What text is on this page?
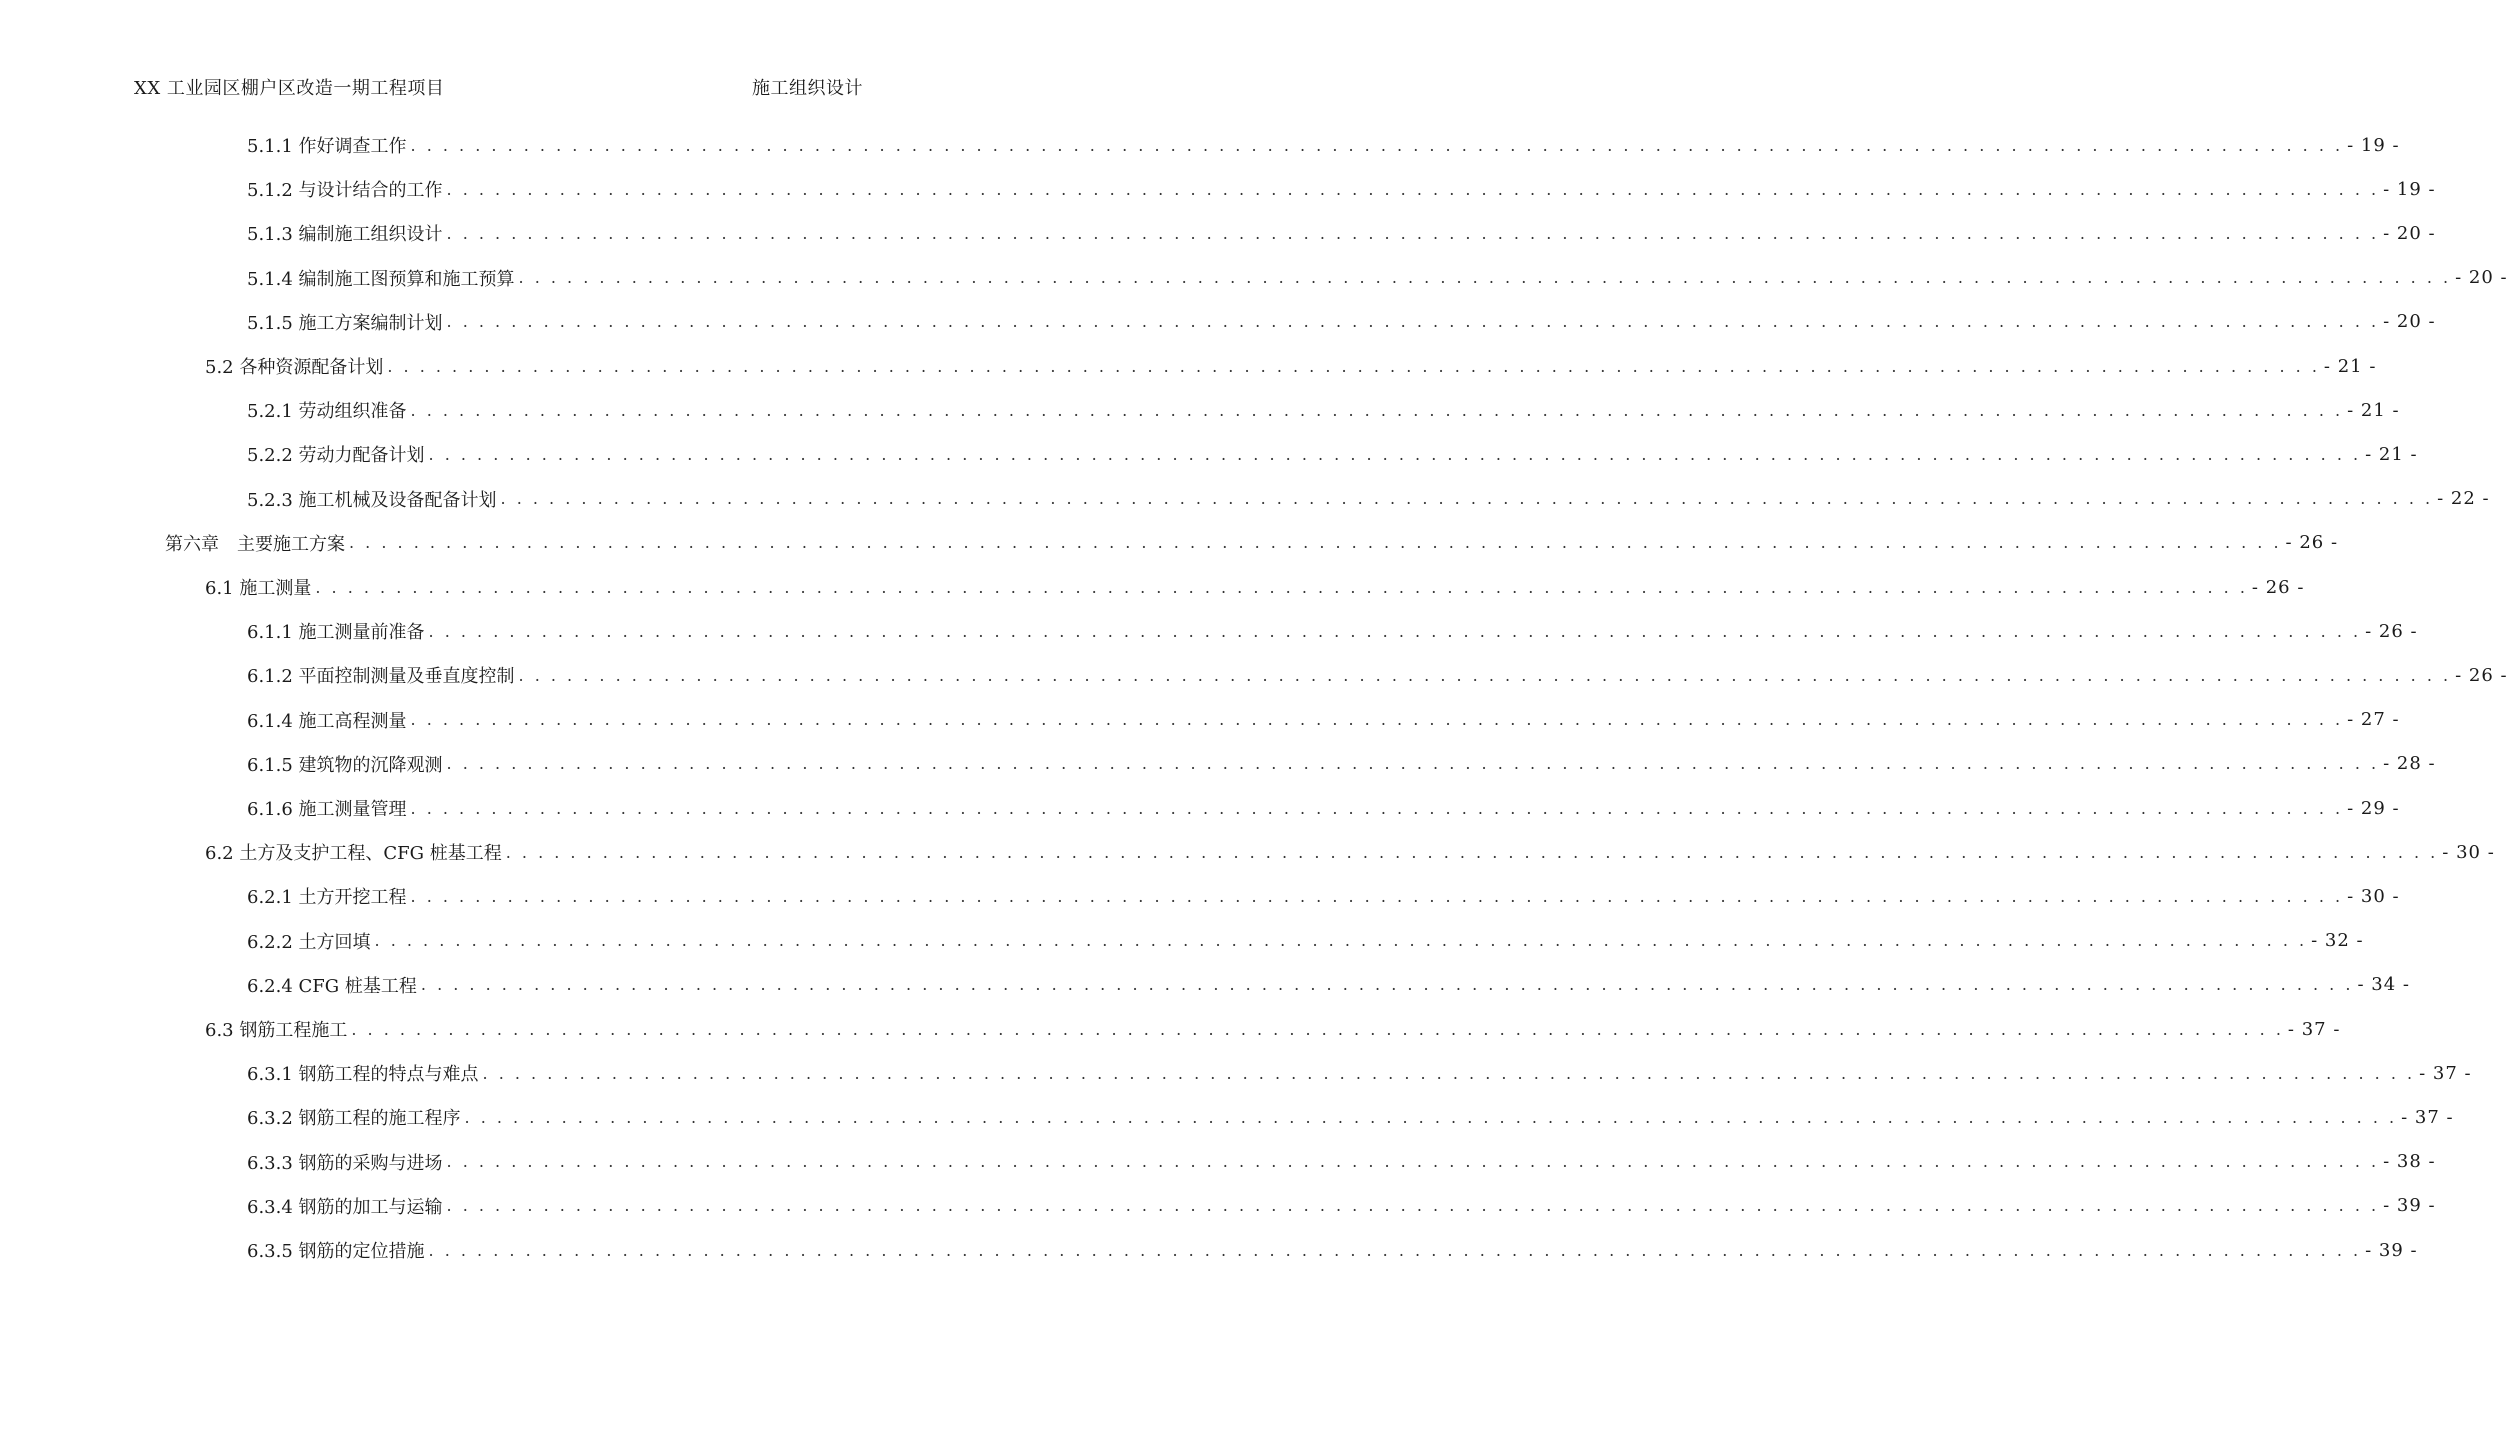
XX 工业园区棚户区改造一期工程项目	施工组织设计
5.1.1 作好调查工作 . . . . . . . . . . . . . . . . . . . . . . . . . . . . . . . . . . . . . . . . . . . . . . . . . . . . . . . . . . . . . . . . . . . . . . . . . . . . . . . . . . . . . . . . . . . . . . . . . . . . . . . . . . . . . . . . . . . . . . . . - 19 -
5.1.2 与设计结合的工作 . . . . . . . . . . . . . . . . . . . . . . . . . . . . . . . . . . . . . . . . . . . . . . . . . . . . . . . . . . . . . . . . . . . . . . . . . . . . . . . . . . . . . . . . . . . . . . . . . . . . . . . . . . . . . . . . . . . . . . . . - 19 -
5.1.3 编制施工组织设计 . . . . . . . . . . . . . . . . . . . . . . . . . . . . . . . . . . . . . . . . . . . . . . . . . . . . . . . . . . . . . . . . . . . . . . . . . . . . . . . . . . . . . . . . . . . . . . . . . . . . . . . . . . . . . . . . . . . . . . . . - 20 -
5.1.4 编制施工图预算和施工预算 . . . . . . . . . . . . . . . . . . . . . . . . . . . . . . . . . . . . . . . . . . . . . . . . . . . . . . . . . . . . . . . . . . . . . . . . . . . . . . . . . . . . . . . . . . . . . . . . . . . . . . . . . . . . . . . . . . . . . . . . - 20 -
5.1.5 施工方案编制计划 . . . . . . . . . . . . . . . . . . . . . . . . . . . . . . . . . . . . . . . . . . . . . . . . . . . . . . . . . . . . . . . . . . . . . . . . . . . . . . . . . . . . . . . . . . . . . . . . . . . . . . . . . . . . . . . . . . . . . . . . - 20 -
5.2 各种资源配备计划 . . . . . . . . . . . . . . . . . . . . . . . . . . . . . . . . . . . . . . . . . . . . . . . . . . . . . . . . . . . . . . . . . . . . . . . . . . . . . . . . . . . . . . . . . . . . . . . . . . . . . . . . . . . . . . . . . . . . . . . . - 21 -
5.2.1 劳动组织准备 . . . . . . . . . . . . . . . . . . . . . . . . . . . . . . . . . . . . . . . . . . . . . . . . . . . . . . . . . . . . . . . . . . . . . . . . . . . . . . . . . . . . . . . . . . . . . . . . . . . . . . . . . . . . . . . . . . . . . . . . - 21 -
5.2.2 劳动力配备计划 . . . . . . . . . . . . . . . . . . . . . . . . . . . . . . . . . . . . . . . . . . . . . . . . . . . . . . . . . . . . . . . . . . . . . . . . . . . . . . . . . . . . . . . . . . . . . . . . . . . . . . . . . . . . . . . . . . . . . . . . - 21 -
5.2.3 施工机械及设备配备计划 . . . . . . . . . . . . . . . . . . . . . . . . . . . . . . . . . . . . . . . . . . . . . . . . . . . . . . . . . . . . . . . . . . . . . . . . . . . . . . . . . . . . . . . . . . . . . . . . . . . . . . . . . . . . . . . . . . . . . . . . - 22 -
第六章　主要施工方案 . . . . . . . . . . . . . . . . . . . . . . . . . . . . . . . . . . . . . . . . . . . . . . . . . . . . . . . . . . . . . . . . . . . . . . . . . . . . . . . . . . . . . . . . . . . . . . . . . . . . . . . . . . . . . . . . . . . . . . . . - 26 -
6.1 施工测量 . . . . . . . . . . . . . . . . . . . . . . . . . . . . . . . . . . . . . . . . . . . . . . . . . . . . . . . . . . . . . . . . . . . . . . . . . . . . . . . . . . . . . . . . . . . . . . . . . . . . . . . . . . . . . . . . . . . . . . . . - 26 -
6.1.1 施工测量前准备 . . . . . . . . . . . . . . . . . . . . . . . . . . . . . . . . . . . . . . . . . . . . . . . . . . . . . . . . . . . . . . . . . . . . . . . . . . . . . . . . . . . . . . . . . . . . . . . . . . . . . . . . . . . . . . . . . . . . . . . . - 26 -
6.1.2 平面控制测量及垂直度控制 . . . . . . . . . . . . . . . . . . . . . . . . . . . . . . . . . . . . . . . . . . . . . . . . . . . . . . . . . . . . . . . . . . . . . . . . . . . . . . . . . . . . . . . . . . . . . . . . . . . . . . . . . . . . . . . . . . . . . . . . - 26 -
6.1.4 施工高程测量 . . . . . . . . . . . . . . . . . . . . . . . . . . . . . . . . . . . . . . . . . . . . . . . . . . . . . . . . . . . . . . . . . . . . . . . . . . . . . . . . . . . . . . . . . . . . . . . . . . . . . . . . . . . . . . . . . . . . . . . . - 27 -
6.1.5 建筑物的沉降观测 . . . . . . . . . . . . . . . . . . . . . . . . . . . . . . . . . . . . . . . . . . . . . . . . . . . . . . . . . . . . . . . . . . . . . . . . . . . . . . . . . . . . . . . . . . . . . . . . . . . . . . . . . . . . . . . . . . . . . . . . - 28 -
6.1.6 施工测量管理 . . . . . . . . . . . . . . . . . . . . . . . . . . . . . . . . . . . . . . . . . . . . . . . . . . . . . . . . . . . . . . . . . . . . . . . . . . . . . . . . . . . . . . . . . . . . . . . . . . . . . . . . . . . . . . . . . . . . . . . . - 29 -
6.2 土方及支护工程、CFG 桩基工程 . . . . . . . . . . . . . . . . . . . . . . . . . . . . . . . . . . . . . . . . . . . . . . . . . . . . . . . . . . . . . . . . . . . . . . . . . . . . . . . . . . . . . . . . . . . . . . . . . . . . . . . . . . . . . . . . . . . . . . . . - 30 -
6.2.1 土方开挖工程 . . . . . . . . . . . . . . . . . . . . . . . . . . . . . . . . . . . . . . . . . . . . . . . . . . . . . . . . . . . . . . . . . . . . . . . . . . . . . . . . . . . . . . . . . . . . . . . . . . . . . . . . . . . . . . . . . . . . . . . . - 30 -
6.2.2 土方回填 . . . . . . . . . . . . . . . . . . . . . . . . . . . . . . . . . . . . . . . . . . . . . . . . . . . . . . . . . . . . . . . . . . . . . . . . . . . . . . . . . . . . . . . . . . . . . . . . . . . . . . . . . . . . . . . . . . . . . . . . - 32 -
6.2.4 CFG 桩基工程 . . . . . . . . . . . . . . . . . . . . . . . . . . . . . . . . . . . . . . . . . . . . . . . . . . . . . . . . . . . . . . . . . . . . . . . . . . . . . . . . . . . . . . . . . . . . . . . . . . . . . . . . . . . . . . . . . . . . . . . . - 34 -
6.3 钢筋工程施工 . . . . . . . . . . . . . . . . . . . . . . . . . . . . . . . . . . . . . . . . . . . . . . . . . . . . . . . . . . . . . . . . . . . . . . . . . . . . . . . . . . . . . . . . . . . . . . . . . . . . . . . . . . . . . . . . . . . . . . . . - 37 -
6.3.1 钢筋工程的特点与难点 . . . . . . . . . . . . . . . . . . . . . . . . . . . . . . . . . . . . . . . . . . . . . . . . . . . . . . . . . . . . . . . . . . . . . . . . . . . . . . . . . . . . . . . . . . . . . . . . . . . . . . . . . . . . . . . . . . . . . . . . - 37 -
6.3.2 钢筋工程的施工程序 . . . . . . . . . . . . . . . . . . . . . . . . . . . . . . . . . . . . . . . . . . . . . . . . . . . . . . . . . . . . . . . . . . . . . . . . . . . . . . . . . . . . . . . . . . . . . . . . . . . . . . . . . . . . . . . . . . . . . . . . - 37 -
6.3.3 钢筋的采购与进场 . . . . . . . . . . . . . . . . . . . . . . . . . . . . . . . . . . . . . . . . . . . . . . . . . . . . . . . . . . . . . . . . . . . . . . . . . . . . . . . . . . . . . . . . . . . . . . . . . . . . . . . . . . . . . . . . . . . . . . . . - 38 -
6.3.4 钢筋的加工与运输 . . . . . . . . . . . . . . . . . . . . . . . . . . . . . . . . . . . . . . . . . . . . . . . . . . . . . . . . . . . . . . . . . . . . . . . . . . . . . . . . . . . . . . . . . . . . . . . . . . . . . . . . . . . . . . . . . . . . . . . . - 39 -
6.3.5 钢筋的定位措施 . . . . . . . . . . . . . . . . . . . . . . . . . . . . . . . . . . . . . . . . . . . . . . . . . . . . . . . . . . . . . . . . . . . . . . . . . . . . . . . . . . . . . . . . . . . . . . . . . . . . . . . . . . . . . . . . . . . . . . . . - 39 -
